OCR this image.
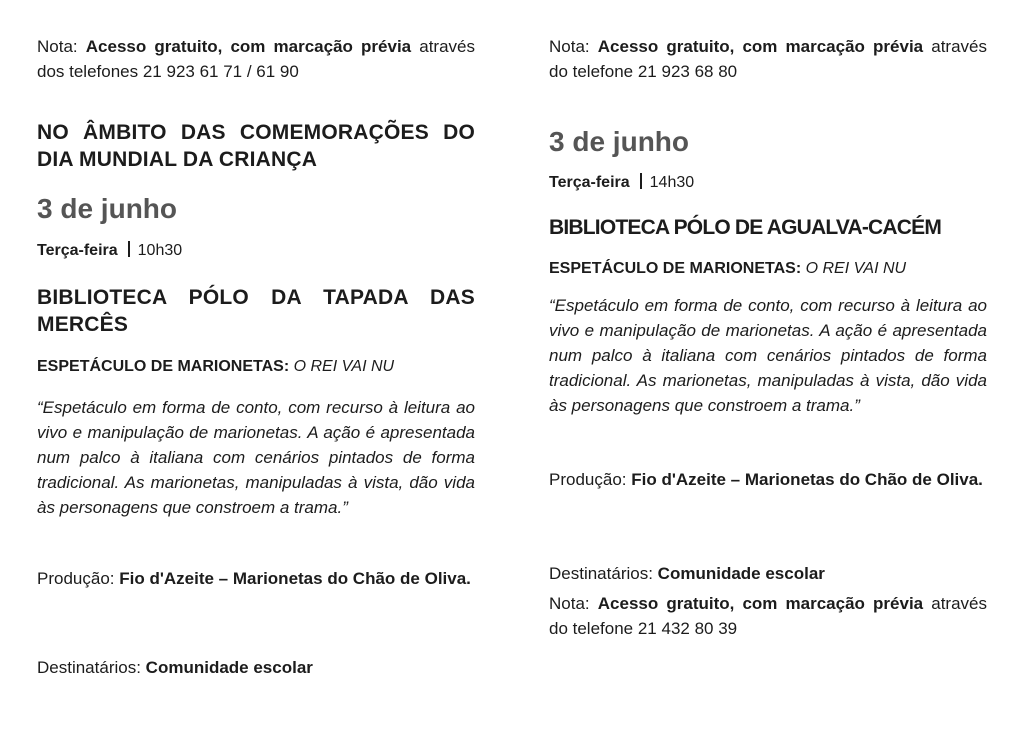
Nota: Acesso gratuito, com marcação prévia através dos telefones 21 923 61 71 / 61 90

NO ÂMBITO DAS COMEMORAÇÕES DO DIA MUNDIAL DA CRIANÇA

3 de junho

Terça-feira 10h30

BIBLIOTECA PÓLO DA TAPADA DAS MERCÊS

ESPETÁCULO DE MARIONETAS: O REI VAI NU

“Espetáculo em forma de conto, com recurso à leitura ao vivo e manipulação de marionetas. A ação é apresentada num palco à italiana com cenários pintados de forma tradicional. As marionetas, manipuladas à vista, dão vida às personagens que constroem a trama.”

Produção: Fio d'Azeite – Marionetas do Chão de Oliva.

Destinatários: Comunidade escolar

Nota: Acesso gratuito, com marcação prévia através do telefone 21 923 68 80

3 de junho

Terça-feira 14h30

BIBLIOTECA PÓLO DE AGUALVA-CACÉM

ESPETÁCULO DE MARIONETAS: O REI VAI NU

“Espetáculo em forma de conto, com recurso à leitura ao vivo e manipulação de marionetas. A ação é apresentada num palco à italiana com cenários pintados de forma tradicional. As marionetas, manipuladas à vista, dão vida às personagens que constroem a trama.”

Produção: Fio d'Azeite – Marionetas do Chão de Oliva.

Destinatários: Comunidade escolar

Nota: Acesso gratuito, com marcação prévia através do telefone 21 432 80 39
